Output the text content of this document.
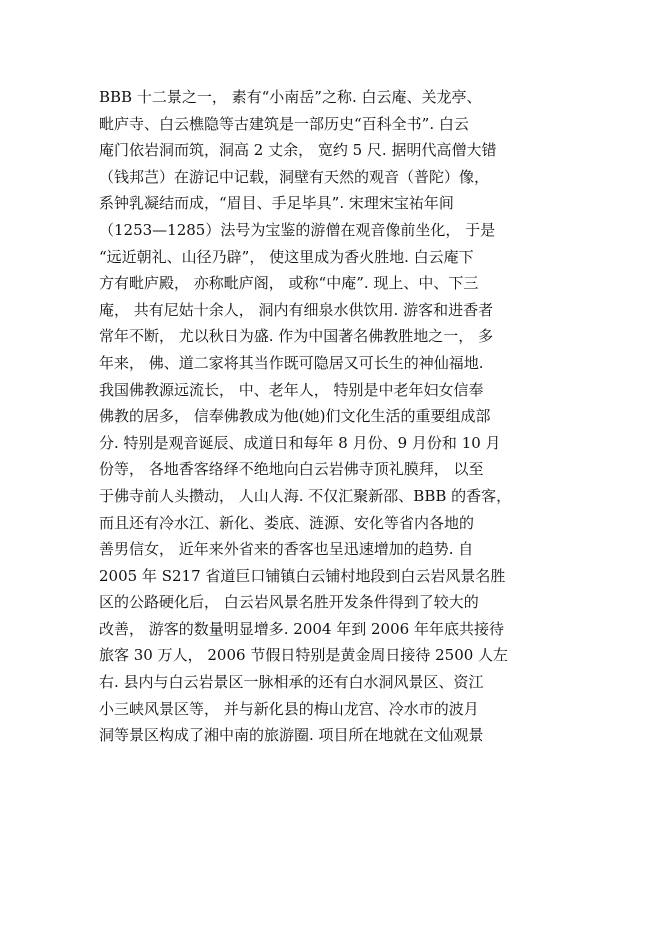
BBB 十二景之一， 素有“小南岳”之称. 白云庵、关龙亭、
毗庐寺、白云樵隐等古建筑是一部历史“百科全书”. 白云
庵门依岩洞而筑，洞高 2 丈余， 宽约 5 尺. 据明代高僧大错
（钱邦芑）在游记中记载，洞壁有天然的观音（普陀）像，
系钟乳凝结而成，“眉目、手足毕具”. 宋理宋宝祐年间
（1253—1285）法号为宝鉴的游僧在观音像前坐化， 于是
“远近朝礼、山径乃辟”， 使这里成为香火胜地. 白云庵下
方有毗庐殿， 亦称毗庐阁， 或称“中庵”. 现上、中、下三
庵， 共有尼姑十余人， 洞内有细泉水供饮用. 游客和进香者
常年不断， 尤以秋日为盛. 作为中国著名佛教胜地之一， 多
年来， 佛、道二家将其当作既可隐居又可长生的神仙福地.
我国佛教源远流长， 中、老年人， 特别是中老年妇女信奉
佛教的居多， 信奉佛教成为他(她)们文化生活的重要组成部
分. 特别是观音诞辰、成道日和每年 8 月份、9 月份和 10 月
份等， 各地香客络绎不绝地向白云岩佛寺顶礼膜拜， 以至
于佛寺前人头攒动， 人山人海. 不仅汇聚新邵、BBB 的香客，
而且还有冷水江、新化、娄底、涟源、安化等省内各地的
善男信女， 近年来外省来的香客也呈迅速增加的趋势. 自
2005 年 S217 省道巨口铺镇白云铺村地段到白云岩风景名胜
区的公路硬化后， 白云岩风景名胜开发条件得到了较大的
改善， 游客的数量明显增多. 2004 年到 2006 年年底共接待
旅客 30 万人， 2006 节假日特别是黄金周日接待 2500 人左
右. 县内与白云岩景区一脉相承的还有白水洞风景区、资江
小三峡风景区等， 并与新化县的梅山龙宫、冷水市的波月
洞等景区构成了湘中南的旅游圈. 项目所在地就在文仙观景
